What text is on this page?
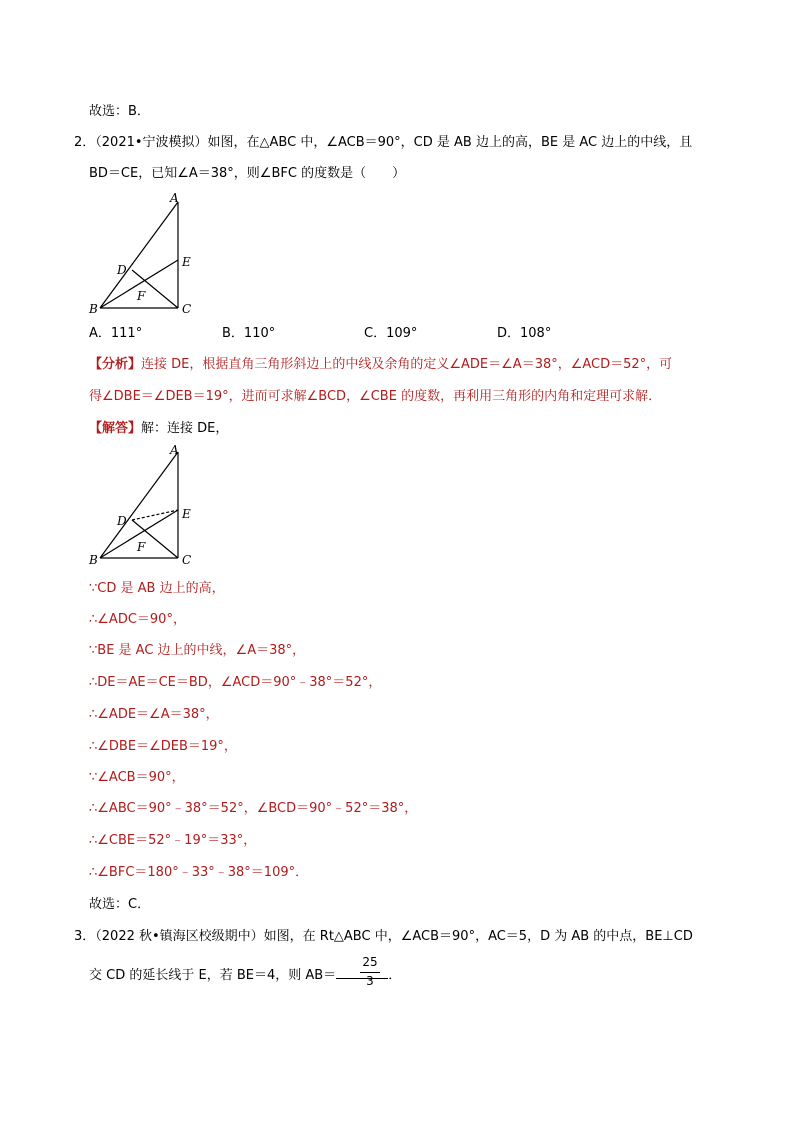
故选：B．
2．（2021•宁波模拟）如图，在△ABC 中，∠ACB＝90°，CD 是 AB 边上的高，BE 是 AC 边上的中线，且
BD＝CE，已知∠A＝38°，则∠BFC 的度数是（　　）
A
B	C
D
E
F
A．111°	B．110°	C．109°	D．108°
【分析】连接 DE，根据直角三角形斜边上的中线及余角的定义∠ADE＝∠A＝38°，∠ACD＝52°，可
得∠DBE＝∠DEB＝19°，进而可求解∠BCD，∠CBE 的度数，再利用三角形的内角和定理可求解．
【解答】解：连接 DE，
A
B	C
D	E
F
∵CD 是 AB 边上的高，
∴∠ADC＝90°，
∵BE 是 AC 边上的中线，∠A＝38°，
∴DE＝AE＝CE＝BD，∠ACD＝90°﹣38°＝52°，
∴∠ADE＝∠A＝38°，
∴∠DBE＝∠DEB＝19°，
∵∠ACB＝90°，
∴∠ABC＝90°﹣38°＝52°，∠BCD＝90°﹣52°＝38°，
∴∠CBE＝52°﹣19°＝33°，
∴∠BFC＝180°﹣33°﹣38°＝109°．
故选：C．
3．（2022 秋•镇海区校级期中）如图，在 Rt△ABC 中，∠ACB＝90°，AC＝5，D 为 AB 的中点，BE⊥CD
交 CD 的延长线于 E，若 BE＝4，则 AB＝	．
25
3
